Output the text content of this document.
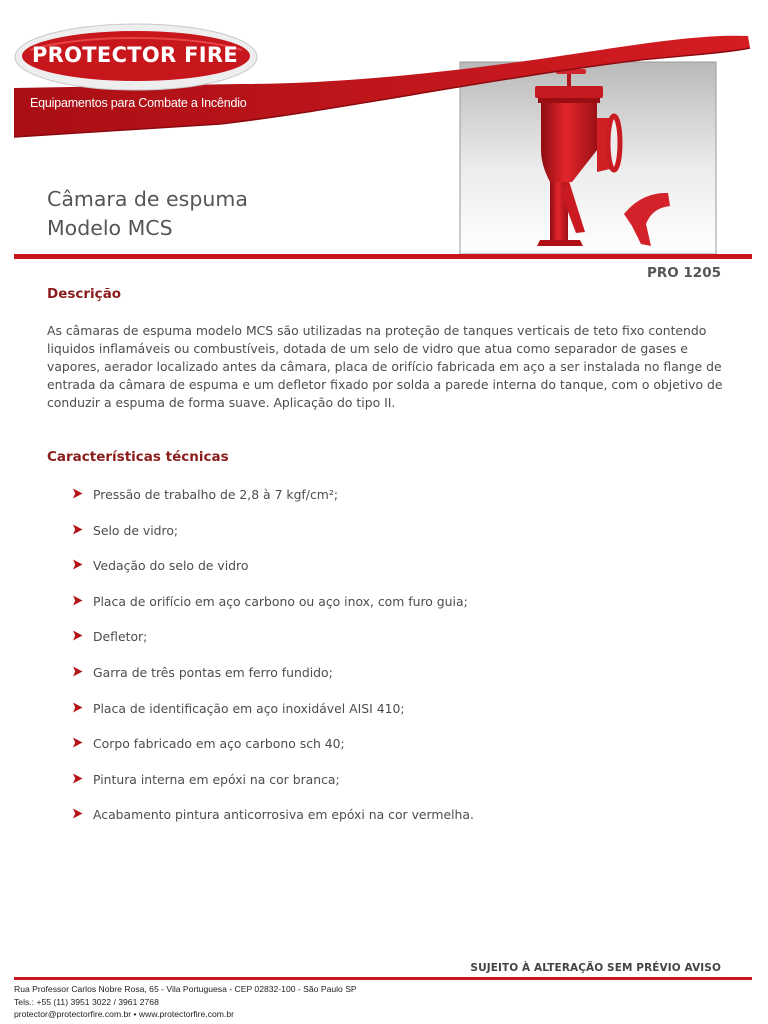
PROTECTOR FIRE
Equipamentos para Combate a Incêndio
Câmara de espuma
Modelo MCS
PRO 1205
Descrição

As câmaras de espuma modelo MCS são utilizadas na proteção de tanques verticais de teto fixo contendo liquidos inflamáveis ou combustíveis, dotada de um selo de vidro que atua como separador de gases e vapores, aerador localizado antes da câmara, placa de orifício fabricada em aço a ser instalada no flange de entrada da câmara de espuma e um defletor fixado por solda a parede interna do tanque, com o objetivo de conduzir a espuma de forma suave. Aplicação do tipo II.

Características técnicas
Pressão de trabalho de 2,8 à 7 kgf/cm²;
Selo de vidro;
Vedação do selo de vidro
Placa de orifício em aço carbono ou aço inox, com furo guia;
Defletor;
Garra de três pontas em ferro fundido;
Placa de identificação em aço inoxidável AISI 410;
Corpo fabricado em aço carbono sch 40;
Pintura interna em epóxi na cor branca;
Acabamento pintura anticorrosiva em epóxi na cor vermelha.
SUJEITO À ALTERAÇÃO SEM PRÉVIO AVISO
Rua Professor Carlos Nobre Rosa, 65 - Vila Portuguesa - CEP 02832-100 - São Paulo SP
Tels.: +55 (11) 3951 3022 / 3961 2768
protector@protectorfire.com.br • www.protectorfire.com.br
